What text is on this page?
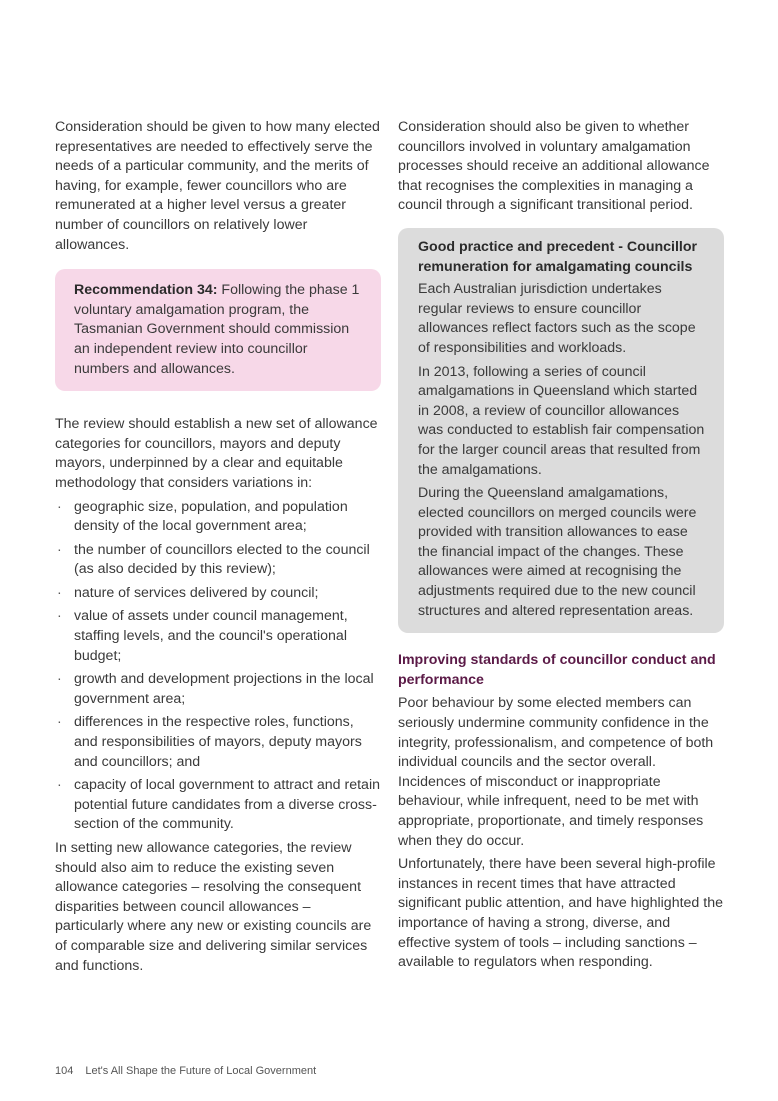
Consideration should be given to how many elected representatives are needed to effectively serve the needs of a particular community, and the merits of having, for example, fewer councillors who are remunerated at a higher level versus a greater number of councillors on relatively lower allowances.

Recommendation 34: Following the phase 1 voluntary amalgamation program, the Tasmanian Government should commission an independent review into councillor numbers and allowances.

The review should establish a new set of allowance categories for councillors, mayors and deputy mayors, underpinned by a clear and equitable methodology that considers variations in:

· geographic size, population, and population density of the local government area;
· the number of councillors elected to the council (as also decided by this review);
· nature of services delivered by council;
· value of assets under council management, staffing levels, and the council's operational budget;
· growth and development projections in the local government area;
· differences in the respective roles, functions, and responsibilities of mayors, deputy mayors and councillors; and
· capacity of local government to attract and retain potential future candidates from a diverse cross-section of the community.

In setting new allowance categories, the review should also aim to reduce the existing seven allowance categories – resolving the consequent disparities between council allowances – particularly where any new or existing councils are of comparable size and delivering similar services and functions.

Consideration should also be given to whether councillors involved in voluntary amalgamation processes should receive an additional allowance that recognises the complexities in managing a council through a significant transitional period.

Good practice and precedent - Councillor remuneration for amalgamating councils

Each Australian jurisdiction undertakes regular reviews to ensure councillor allowances reflect factors such as the scope of responsibilities and workloads.

In 2013, following a series of council amalgamations in Queensland which started in 2008, a review of councillor allowances was conducted to establish fair compensation for the larger council areas that resulted from the amalgamations.

During the Queensland amalgamations, elected councillors on merged councils were provided with transition allowances to ease the financial impact of the changes. These allowances were aimed at recognising the adjustments required due to the new council structures and altered representation areas.

Improving standards of councillor conduct and performance

Poor behaviour by some elected members can seriously undermine community confidence in the integrity, professionalism, and competence of both individual councils and the sector overall. Incidences of misconduct or inappropriate behaviour, while infrequent, need to be met with appropriate, proportionate, and timely responses when they do occur.

Unfortunately, there have been several high-profile instances in recent times that have attracted significant public attention, and have highlighted the importance of having a strong, diverse, and effective system of tools – including sanctions – available to regulators when responding.

104 Let's All Shape the Future of Local Government
